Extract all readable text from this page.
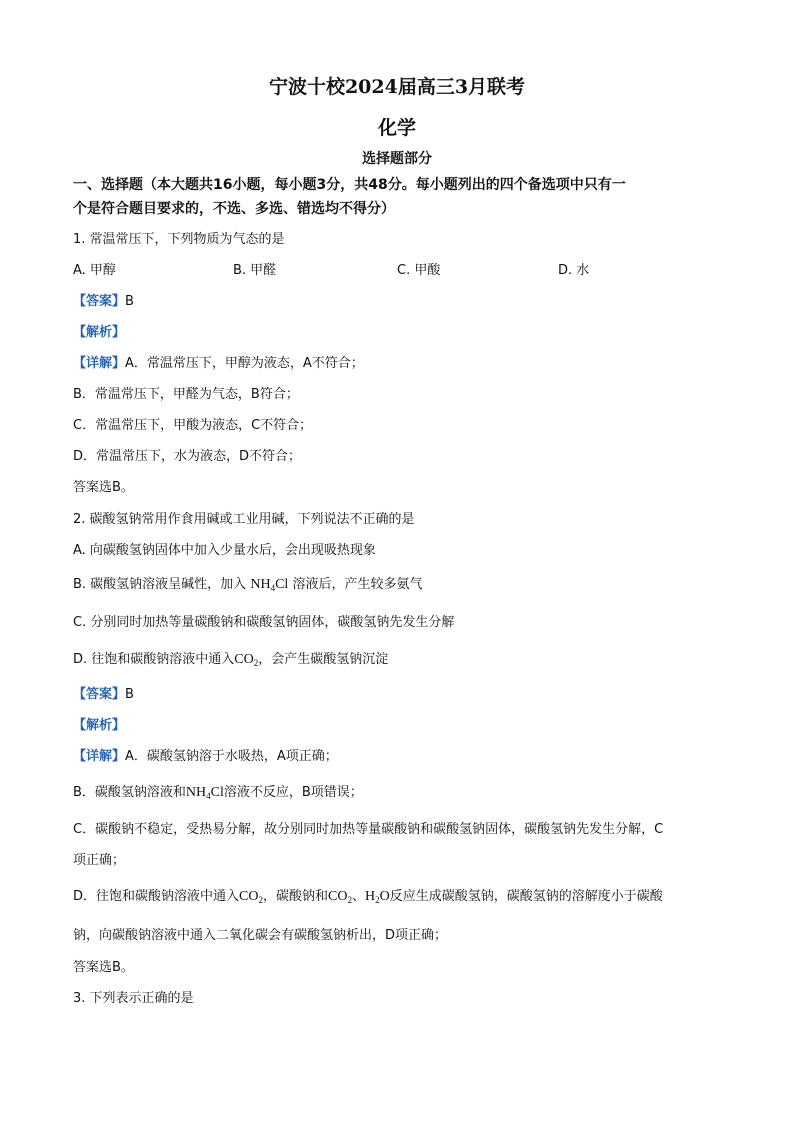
宁波十校2024届高三3月联考
化学
选择题部分
一、选择题（本大题共16小题，每小题3分，共48分。每小题列出的四个备选项中只有一
个是符合题目要求的，不选、多选、错选均不得分）
1. 常温常压下，下列物质为气态的是
A. 甲醇	B. 甲醛	C. 甲酸	D. 水
【答案】B
【解析】
【详解】A．常温常压下，甲醇为液态，A不符合；
B．常温常压下，甲醛为气态，B符合；
C．常温常压下，甲酸为液态，C不符合；
D．常温常压下，水为液态，D不符合；
答案选B。
2. 碳酸氢钠常用作食用碱或工业用碱，下列说法不正确的是
A. 向碳酸氢钠固体中加入少量水后，会出现吸热现象
B. 碳酸氢钠溶液呈碱性，加入 $NH_4Cl$ 溶液后，产生较多氨气
C. 分别同时加热等量碳酸钠和碳酸氢钠固体，碳酸氢钠先发生分解
D. 往饱和碳酸钠溶液中通入$CO_2$，会产生碳酸氢钠沉淀
【答案】B
【解析】
【详解】A．碳酸氢钠溶于水吸热，A项正确；
B．碳酸氢钠溶液和$NH_4Cl$溶液不反应，B项错误；
C．碳酸钠不稳定，受热易分解，故分别同时加热等量碳酸钠和碳酸氢钠固体，碳酸氢钠先发生分解，C
项正确；
D．往饱和碳酸钠溶液中通入$CO_2$，碳酸钠和$CO_2$、$H_2O$反应生成碳酸氢钠，碳酸氢钠的溶解度小于碳酸
钠，向碳酸钠溶液中通入二氧化碳会有碳酸氢钠析出，D项正确；
答案选B。
3. 下列表示正确的是
